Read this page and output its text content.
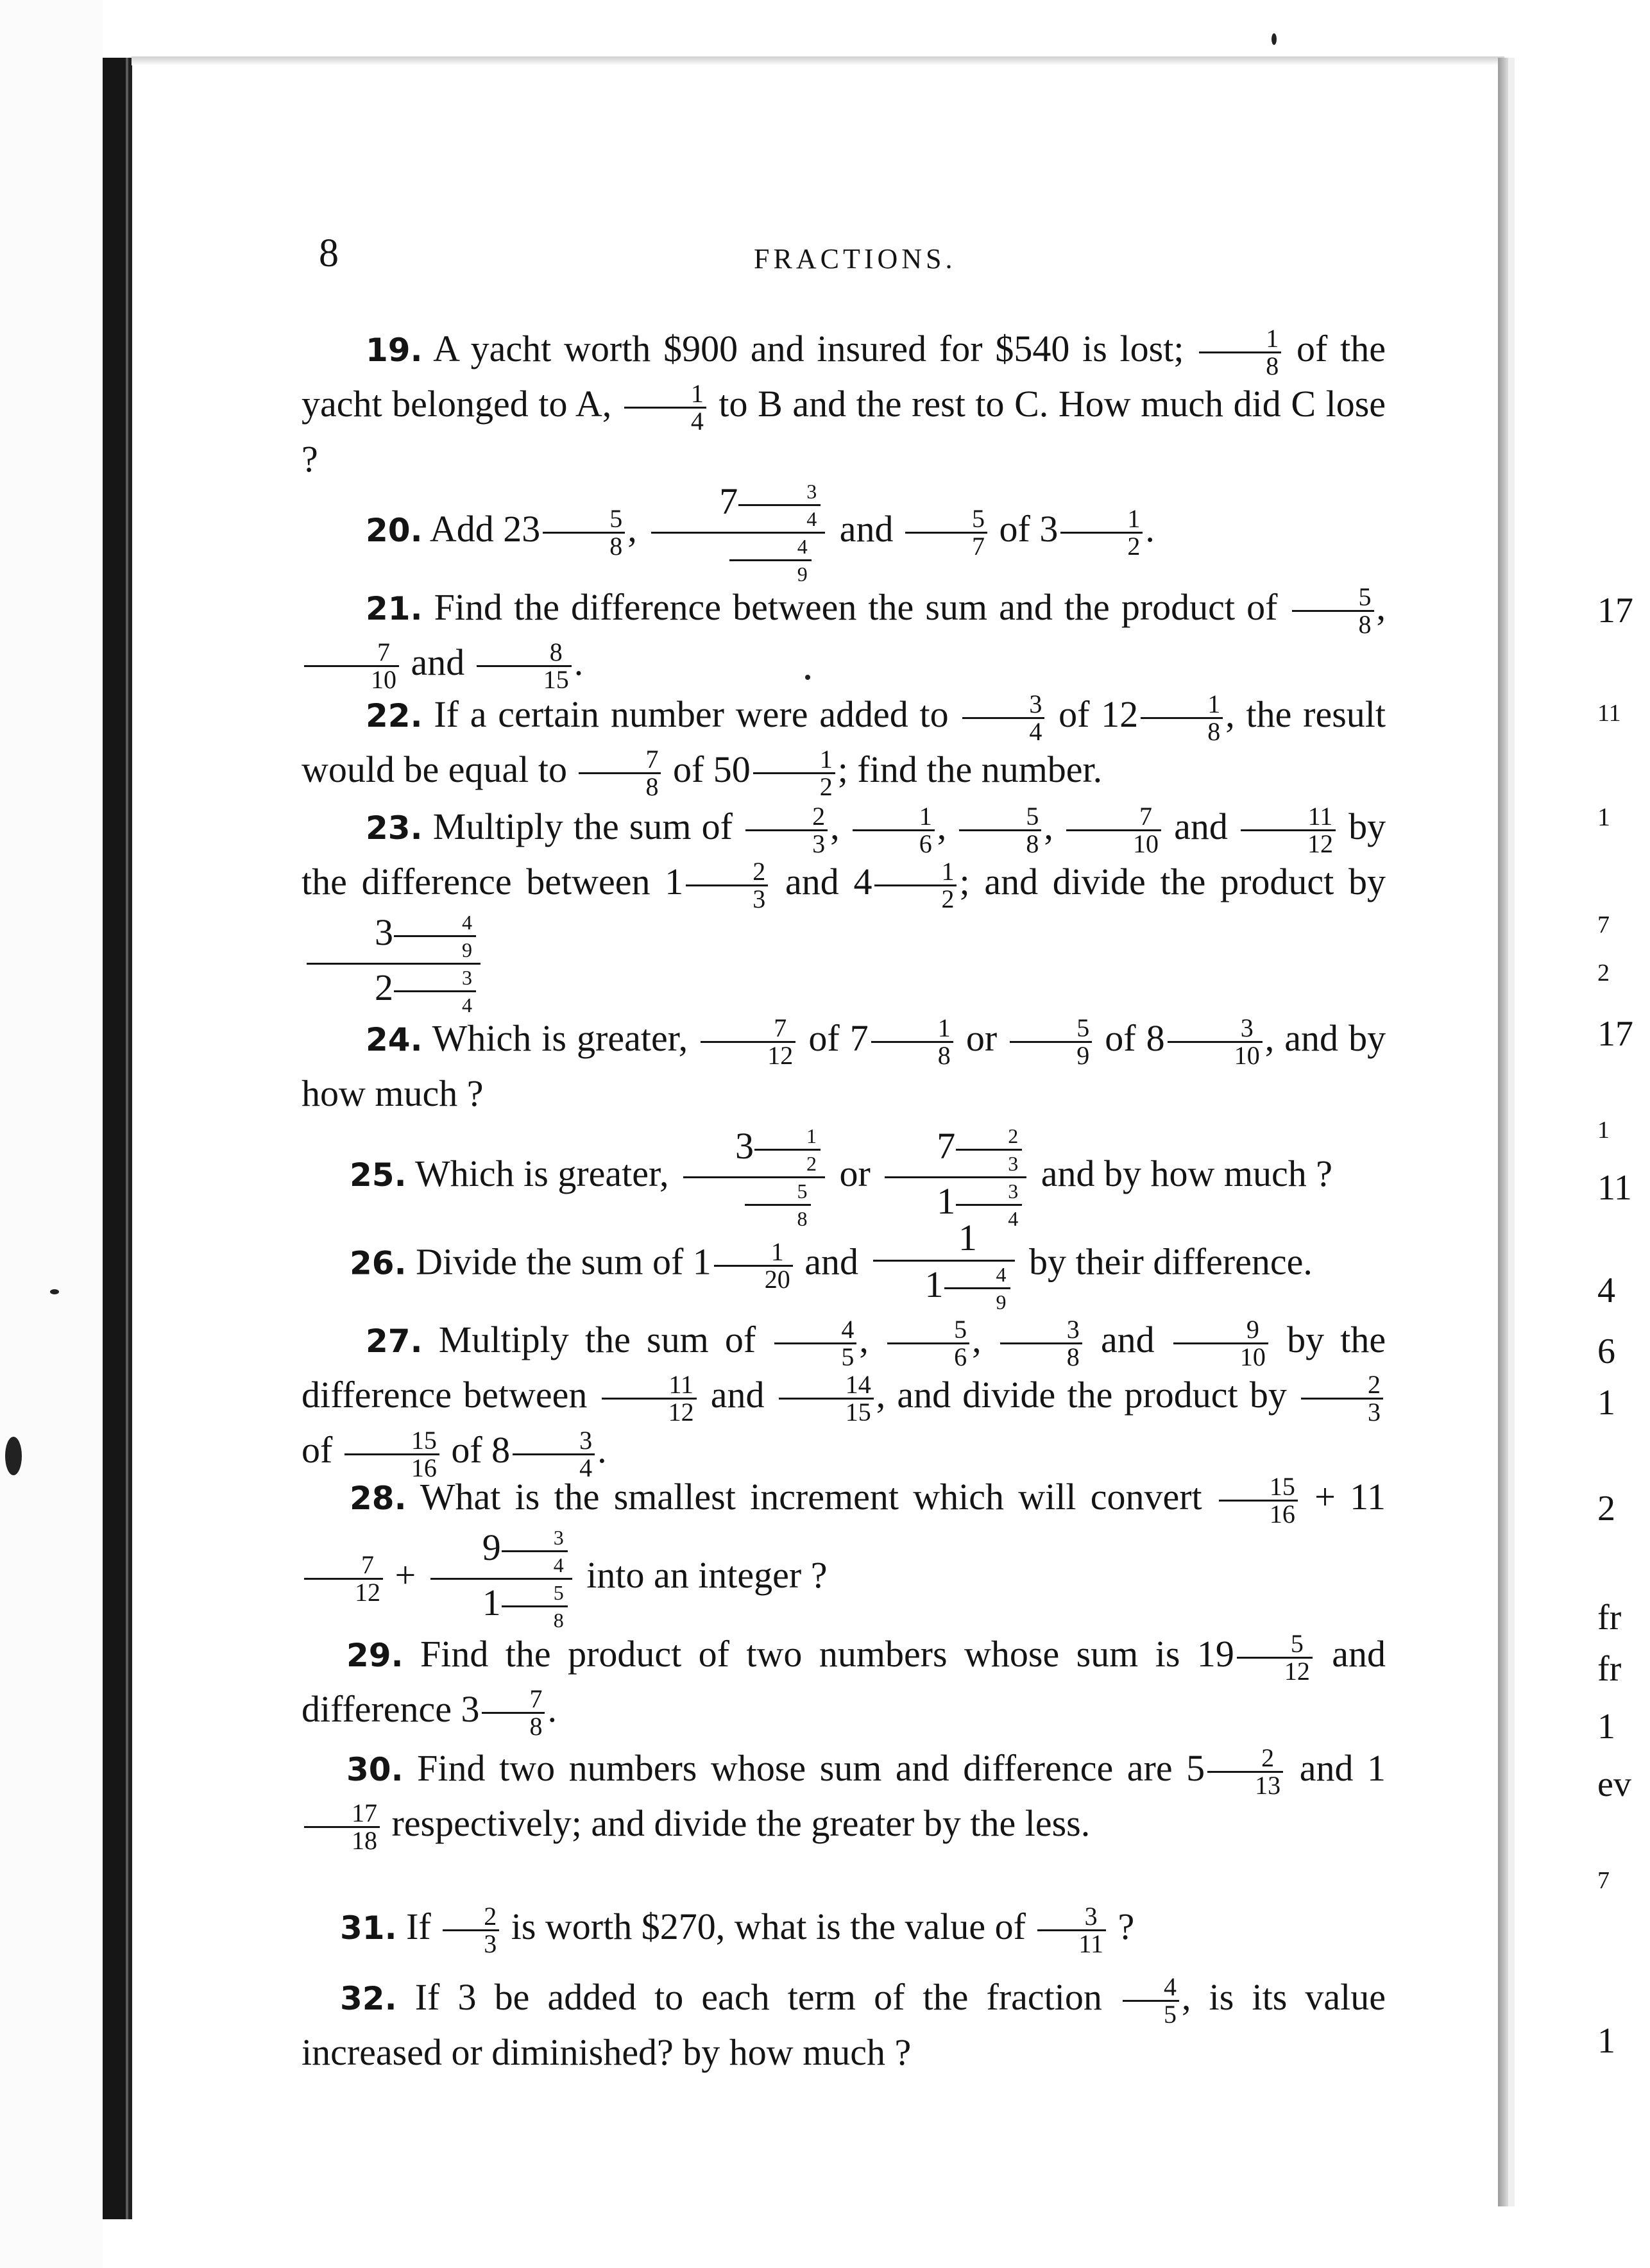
8	FRACTIONS.
19. A yacht worth $900 and insured for $540 is lost; $\frac{1}{8}$ of the yacht belonged to A, $\frac{1}{4}$ to B and the rest to C. How much did C lose ?
20. Add $23 \frac{5}{8}$ , $\frac{7 \frac{3}{4}}{\frac{4}{9}}$ and $\frac{5}{7}$ of $3 \frac{1}{2}$ .
21. Find the difference between the sum and the product of $\frac{5}{8}$ ,
$\frac{7}{10}$ and $\frac{8}{15}$ .
22. If a certain number were added to $\frac{3}{4}$ of $12 \frac{1}{8}$ , the result would be equal to $\frac{7}{8}$ of $50 \frac{1}{2}$ ; find the number.
23. Multiply the sum of $\frac{2}{3}$ , $\frac{1}{6}$ , $\frac{5}{8}$ , $\frac{7}{10}$ and $\frac{11}{12}$ by the difference between $1 \frac{2}{3}$ and $4 \frac{1}{2}$ ; and divide the product by
$\frac{3 \frac{4}{9}}{2 \frac{3}{4}}$
24. Which is greater, $\frac{7}{12}$ of $7 \frac{1}{8}$ or $\frac{5}{9}$ of $8 \frac{3}{10}$ , and by how much ?
25. Which is greater, $\frac{3 \frac{1}{2}}{\frac{5}{8}}$ or $\frac{7 \frac{2}{3}}{1 \frac{3}{4}}$ and by how much ?
26. Divide the sum of $1 \frac{1}{20}$ and $\frac{1}{1 \frac{4}{9}}$ by their difference.
27. Multiply the sum of $\frac{4}{5}$ , $\frac{5}{6}$ , $\frac{3}{8}$ and $\frac{9}{10}$ by the difference between $\frac{11}{12}$ and $\frac{14}{15}$ , and divide the product by $\frac{2}{3}$
of $\frac{15}{16}$ of $8 \frac{3}{4}$ .
28. What is the smallest increment which will convert $\frac{15}{16} + 11$
$\frac{7}{12} + \frac{9 \frac{3}{4}}{1 \frac{5}{8}}$ into an integer ?
29. Find the product of two numbers whose sum is $19 \frac{5}{12}$ and difference $3 \frac{7}{8}$ .
30. Find two numbers whose sum and difference are $5 \frac{2}{13}$ and 1
$\frac{17}{18}$ respectively; and divide the greater by the less.
31. If $\frac{2}{3}$ is worth $270, what is the value of $\frac{3}{11}$ ?
32. If 3 be added to each term of the fraction $\frac{4}{5}$ , is its value increased or diminished? by how much ?
17
11
1
7
2
17
1
11
4
6
1
2
fr
fr
1
ev
7
1
